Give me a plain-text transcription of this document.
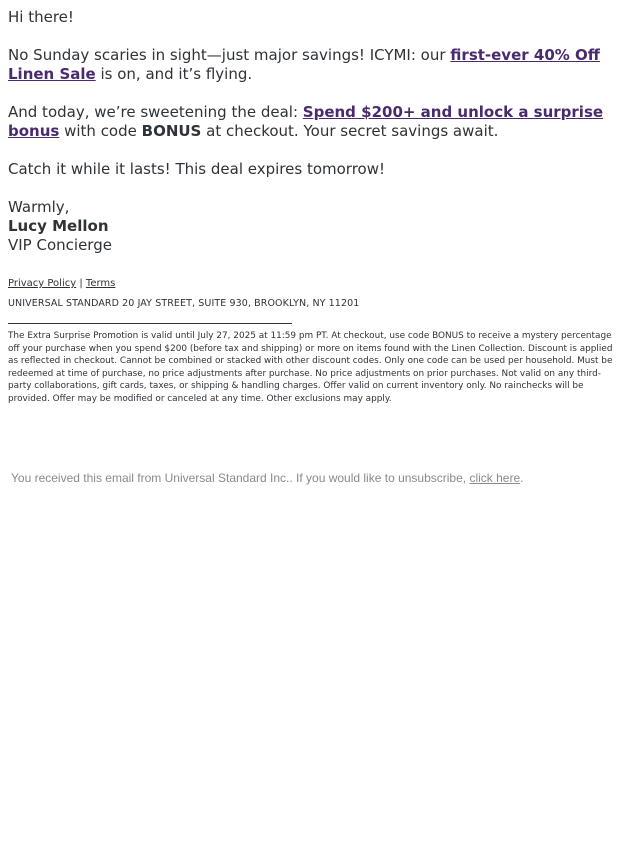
Hi there!

No Sunday scaries in sight—just major savings! ICYMI: our first-ever 40% Off Linen Sale is on, and it’s flying.

And today, we’re sweetening the deal: Spend $200+ and unlock a surprise bonus with code BONUS at checkout. Your secret savings await.

Catch it while it lasts! This deal expires tomorrow!

Warmly,

Lucy Mellon

VIP Concierge

Privacy Policy | Terms
UNIVERSAL STANDARD 20 JAY STREET, SUITE 930, BROOKLYN, NY 11201
The Extra Surprise Promotion is valid until July 27, 2025 at 11:59 pm PT. At checkout, use code BONUS to receive a mystery percentage off your purchase when you spend $200 (before tax and shipping) or more on items found with the Linen Collection. Discount is applied as reflected in checkout. Cannot be combined or stacked with other discount codes. Only one code can be used per household. Must be redeemed at time of purchase, no price adjustments after purchase. No price adjustments on prior purchases. Not valid on any third-party collaborations, gift cards, taxes, or shipping & handling charges. Offer valid on current inventory only. No rainchecks will be provided. Offer may be modified or canceled at any time. Other exclusions may apply.
You received this email from Universal Standard Inc.. If you would like to unsubscribe, click here.
